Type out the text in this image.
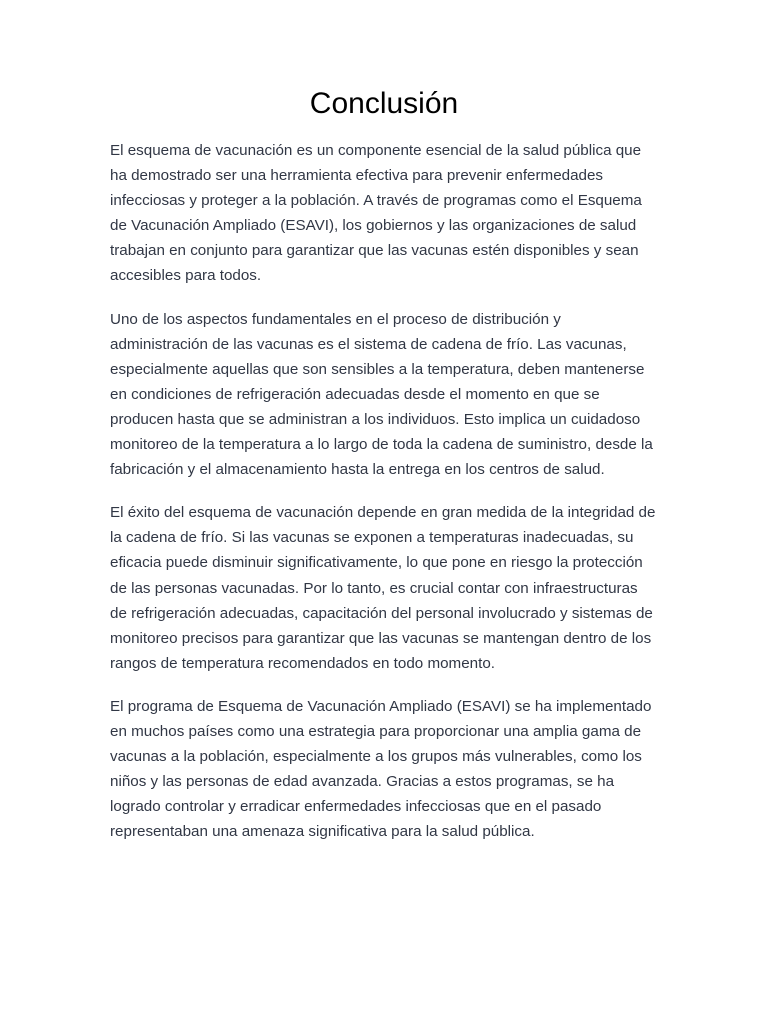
Conclusión

El esquema de vacunación es un componente esencial de la salud pública que ha demostrado ser una herramienta efectiva para prevenir enfermedades infecciosas y proteger a la población. A través de programas como el Esquema de Vacunación Ampliado (ESAVI), los gobiernos y las organizaciones de salud trabajan en conjunto para garantizar que las vacunas estén disponibles y sean accesibles para todos.

Uno de los aspectos fundamentales en el proceso de distribución y administración de las vacunas es el sistema de cadena de frío. Las vacunas, especialmente aquellas que son sensibles a la temperatura, deben mantenerse en condiciones de refrigeración adecuadas desde el momento en que se producen hasta que se administran a los individuos. Esto implica un cuidadoso monitoreo de la temperatura a lo largo de toda la cadena de suministro, desde la fabricación y el almacenamiento hasta la entrega en los centros de salud.

El éxito del esquema de vacunación depende en gran medida de la integridad de la cadena de frío. Si las vacunas se exponen a temperaturas inadecuadas, su eficacia puede disminuir significativamente, lo que pone en riesgo la protección de las personas vacunadas. Por lo tanto, es crucial contar con infraestructuras de refrigeración adecuadas, capacitación del personal involucrado y sistemas de monitoreo precisos para garantizar que las vacunas se mantengan dentro de los rangos de temperatura recomendados en todo momento.

El programa de Esquema de Vacunación Ampliado (ESAVI) se ha implementado en muchos países como una estrategia para proporcionar una amplia gama de vacunas a la población, especialmente a los grupos más vulnerables, como los niños y las personas de edad avanzada. Gracias a estos programas, se ha logrado controlar y erradicar enfermedades infecciosas que en el pasado representaban una amenaza significativa para la salud pública.
